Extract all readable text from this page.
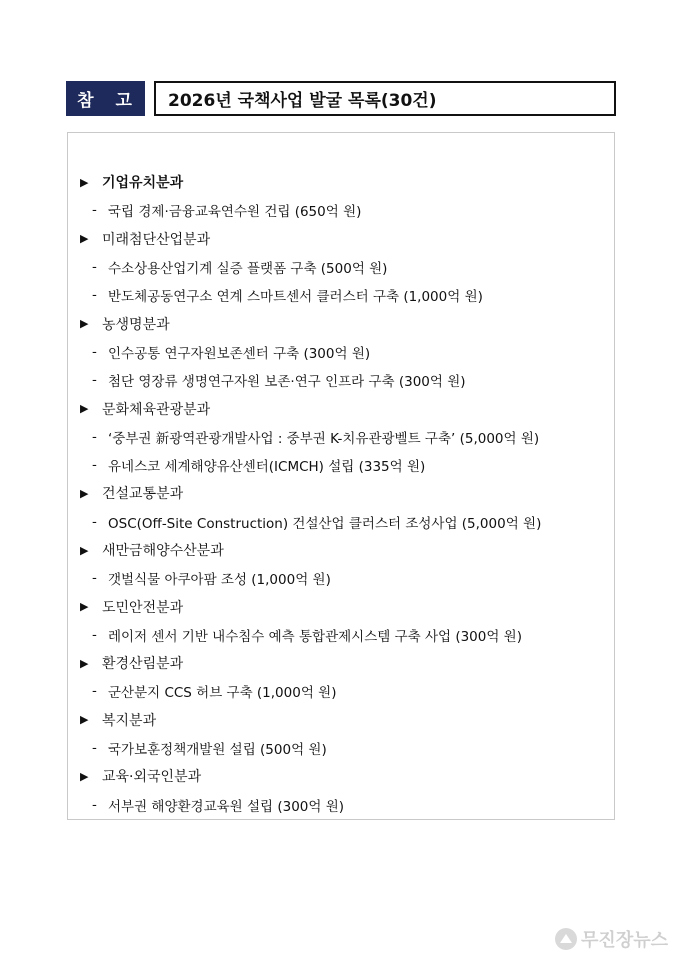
참 고	2026년 국책사업 발굴 목록(30건)
▶ 기업유치분과
- 국립 경제·금융교육연수원 건립 (650억 원)
▶ 미래첨단산업분과
- 수소상용산업기계 실증 플랫폼 구축 (500억 원)
- 반도체공동연구소 연계 스마트센서 클러스터 구축 (1,000억 원)
▶ 농생명분과
- 인수공통 연구자원보존센터 구축 (300억 원)
- 첨단 영장류 생명연구자원 보존·연구 인프라 구축 (300억 원)
▶ 문화체육관광분과
- ‘중부권 新광역관광개발사업 : 중부권 K-치유관광벨트 구축’ (5,000억 원)
- 유네스코 세계해양유산센터(ICMCH) 설립 (335억 원)
▶ 건설교통분과
- OSC(Off-Site Construction) 건설산업 클러스터 조성사업 (5,000억 원)
▶ 새만금해양수산분과
- 갯벌식물 아쿠아팜 조성 (1,000억 원)
▶ 도민안전분과
- 레이저 센서 기반 내수침수 예측 통합관제시스템 구축 사업 (300억 원)
▶ 환경산림분과
- 군산분지 CCS 허브 구축 (1,000억 원)
▶ 복지분과
- 국가보훈정책개발원 설립 (500억 원)
▶ 교육·외국인분과
- 서부권 해양환경교육원 설립 (300억 원)
무진장뉴스
